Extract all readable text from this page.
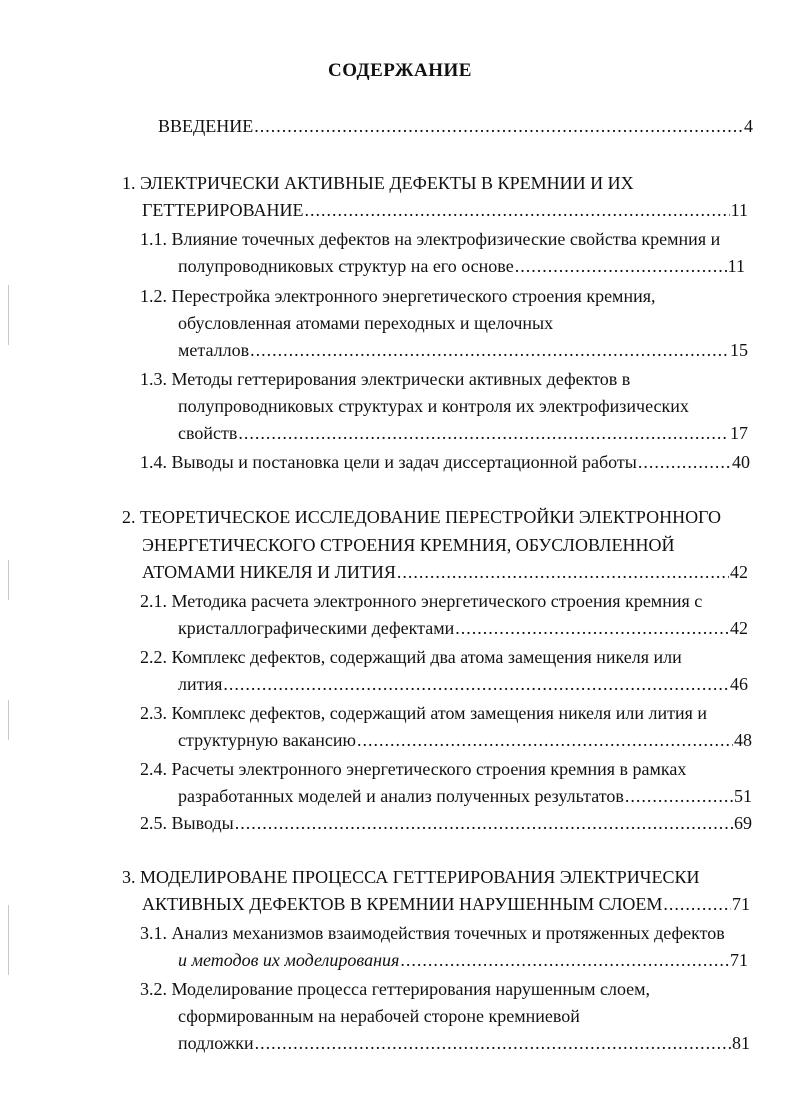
СОДЕРЖАНИЕ
ВВЕДЕНИЕ .....	4
1. ЭЛЕКТРИЧЕСКИ АКТИВНЫЕ ДЕФЕКТЫ В КРЕМНИИ И ИХ
ГЕТТЕРИРОВАНИЕ .....	11
1.1. Влияние точечных дефектов на электрофизические свойства кремния и
полупроводниковых структур на его основе .....	11
1.2. Перестройка электронного энергетического строения кремния,
обусловленная атомами переходных и щелочных
металлов .....	15
1.3. Методы геттерирования электрически активных дефектов в
полупроводниковых структурах и контроля их электрофизических
свойств .....	17
1.4. Выводы и постановка цели и задач диссертационной работы .....	40
2. ТЕОРЕТИЧЕСКОЕ ИССЛЕДОВАНИЕ ПЕРЕСТРОЙКИ ЭЛЕКТРОННОГО
ЭНЕРГЕТИЧЕСКОГО СТРОЕНИЯ КРЕМНИЯ, ОБУСЛОВЛЕННОЙ
АТОМАМИ НИКЕЛЯ И ЛИТИЯ .....	42
2.1. Методика расчета электронного энергетического строения кремния с
кристаллографическими дефектами .....	42
2.2. Комплекс дефектов, содержащий два атома замещения никеля или
лития .....	46
2.3. Комплекс дефектов, содержащий атом замещения никеля или лития и
структурную вакансию .....	48
2.4. Расчеты электронного энергетического строения кремния в рамках
разработанных моделей и анализ полученных результатов .....	51
2.5. Выводы .....	69
3. МОДЕЛИРОВАНЕ ПРОЦЕССА ГЕТТЕРИРОВАНИЯ ЭЛЕКТРИЧЕСКИ
АКТИВНЫХ ДЕФЕКТОВ В КРЕМНИИ НАРУШЕННЫМ СЛОЕМ .....	71
3.1. Анализ механизмов взаимодействия точечных и протяженных дефектов
и методов их моделирования .....	71
3.2. Моделирование процесса геттерирования нарушенным слоем,
сформированным на нерабочей стороне кремниевой
подложки .....	81
